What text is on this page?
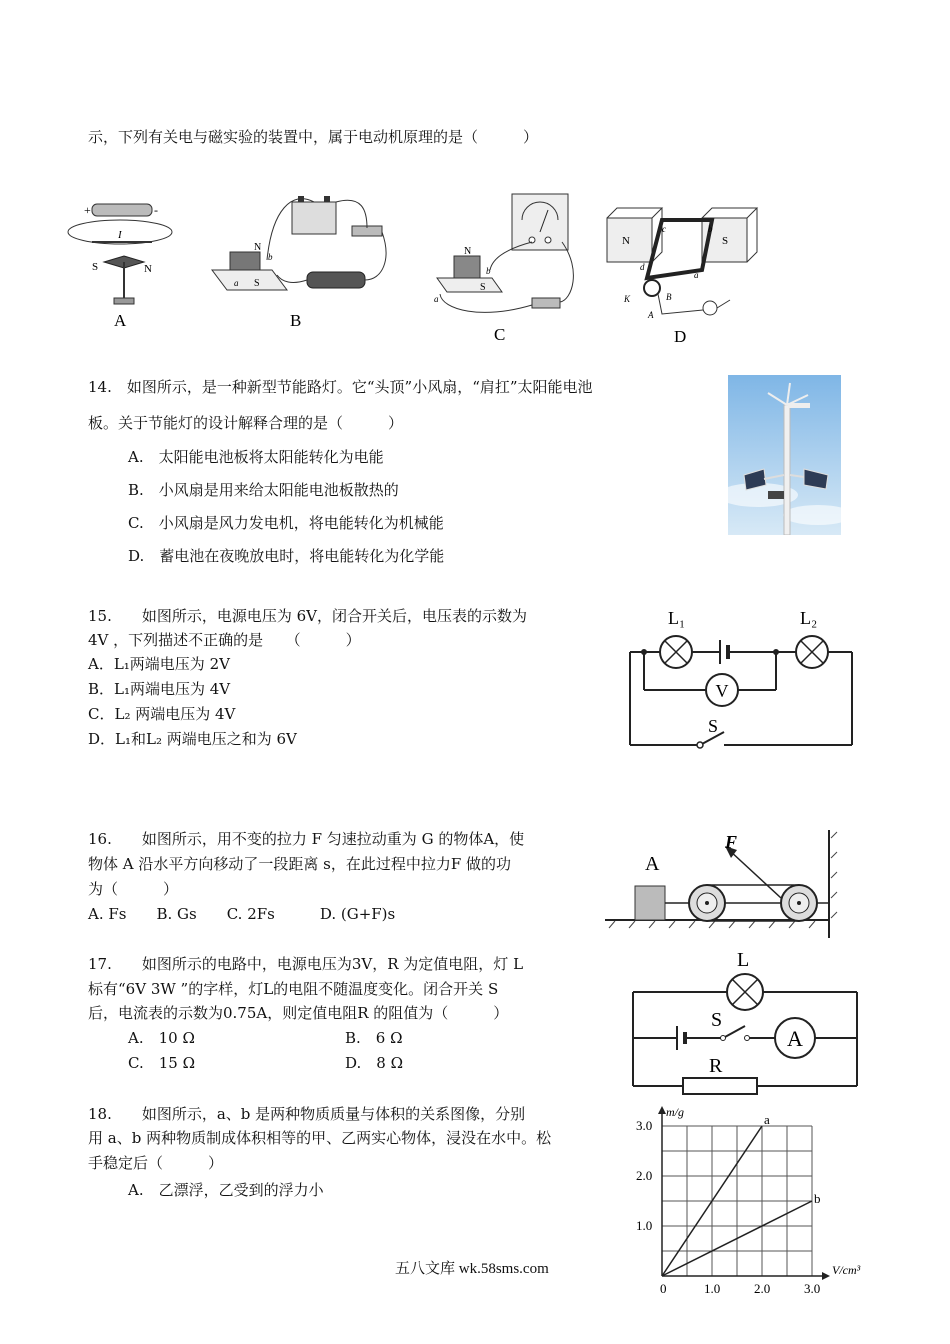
示，下列有关电与磁实验的装置中，属于电动机原理的是（　　　）
+	-
I
S	N
A
N
S
a
b
B
N
S
a
b
C
N	S
a
b
c
d
K	B
A
D
14.　如图所示，是一种新型节能路灯。它“头顶”小风扇，“肩扛”太阳能电池
板。关于节能灯的设计解释合理的是（　　　）
A.　太阳能电池板将太阳能转化为电能
B.　小风扇是用来给太阳能电池板散热的
C.　小风扇是风力发电机，将电能转化为机械能
D.　蓄电池在夜晚放电时，将电能转化为化学能
15.　　如图所示，电源电压为 6V，闭合开关后，电压表的示数为
4V ，下列描述不正确的是　　（　　　）
A．L₁两端电压为 2V
B．L₁两端电压为 4V
C．L₂ 两端电压为 4V
D．L₁和L₂ 两端电压之和为 6V
L₁	L₂
V
S
16.　　如图所示，用不变的拉力 F 匀速拉动重为 G 的物体A，使
物体 A 沿水平方向移动了一段距离 s，在此过程中拉力F 做的功
为（　　　）
A. Fs　　B. Gs　　C. 2Fs　　　D. (G+F)s
A
F
17.　　如图所示的电路中，电源电压为3V，R 为定值电阻，灯 L
标有“6V 3W ”的字样，灯L的电阻不随温度变化。闭合开关 S
后，电流表的示数为0.75A，则定值电阻R 的阻值为（　　　）
A.　10 Ω	B.　6 Ω
C.　15 Ω	D.　8 Ω
L
S
A
R
18.　　如图所示，a、b 是两种物质质量与体积的关系图像，分别
用 a、b 两种物质制成体积相等的甲、乙两实心物体，浸没在水中。松
手稳定后（　　　）
A.　乙漂浮，乙受到的浮力小
a
b
0	1.0	2.0	3.0
1.0
2.0
3.0
V/cm³
m/g
五八文库 wk.58sms.com
